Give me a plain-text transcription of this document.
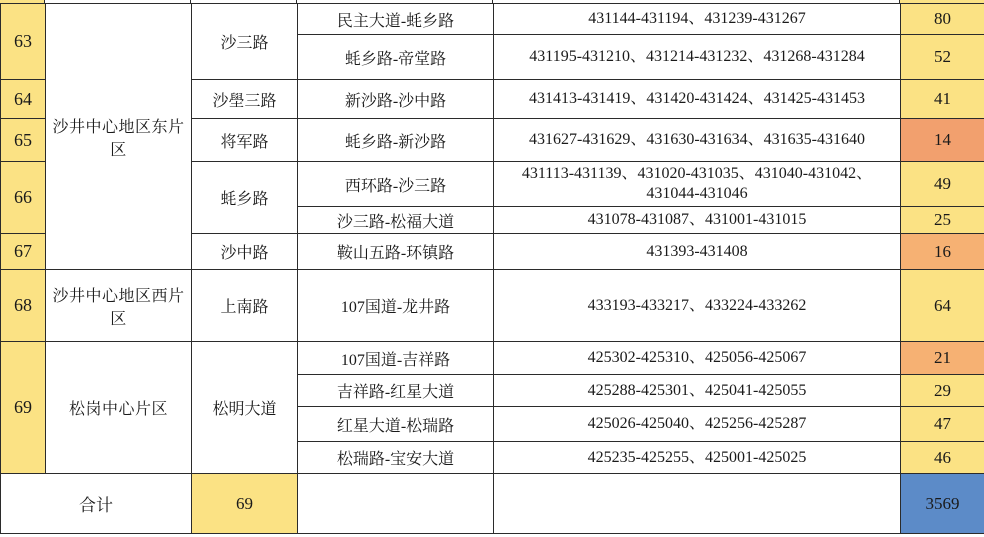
63	沙井中心地区东片区	沙三路	民主大道-蚝乡路	431144-431194、431239-431267	80
			蚝乡路-帝堂路	431195-431210、431214-431232、431268-431284	52
64		沙壆三路	新沙路-沙中路	431413-431419、431420-431424、431425-431453	41
65		将军路	蚝乡路-新沙路	431627-431629、431630-431634、431635-431640	14
66		蚝乡路	西环路-沙三路	431113-431139、431020-431035、431040-431042、431044-431046	49
			沙三路-松福大道	431078-431087、431001-431015	25
67		沙中路	鞍山五路-环镇路	431393-431408	16
68	沙井中心地区西片区	上南路	107国道-龙井路	433193-433217、433224-433262	64
69	松岗中心片区	松明大道	107国道-吉祥路	425302-425310、425056-425067	21
			吉祥路-红星大道	425288-425301、425041-425055	29
			红星大道-松瑞路	425026-425040、425256-425287	47
			松瑞路-宝安大道	425235-425255、425001-425025	46
合计		69			3569
